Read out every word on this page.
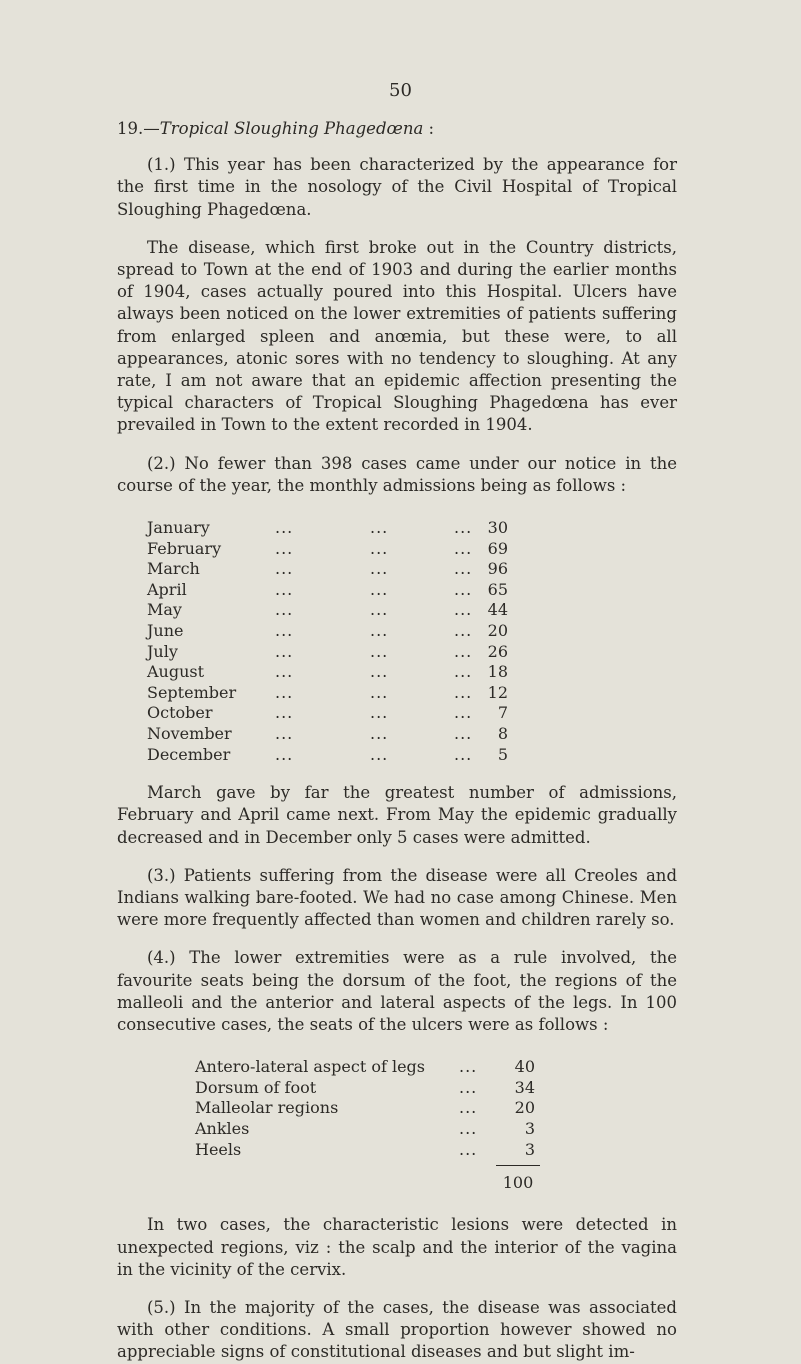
50

19.—Tropical Sloughing Phagedœna :

(1.) This year has been characterized by the appearance for the first time in the nosology of the Civil Hospital of Tropical Sloughing Phagedœna.

The disease, which first broke out in the Country districts, spread to Town at the end of 1903 and during the earlier months of 1904, cases actually poured into this Hospital. Ulcers have always been noticed on the lower extremities of patients suffering from enlarged spleen and anœmia, but these were, to all appearances, atonic sores with no tendency to sloughing. At any rate, I am not aware that an epidemic affection presenting the typical characters of Tropical Sloughing Phagedœna has ever prevailed in Town to the extent recorded in 1904.

(2.) No fewer than 398 cases came under our notice in the course of the year, the monthly admissions being as follows :

January	...	...	... 30
February	...	...	... 69
March	...	...	... 96
April	...	...	... 65
May	...	...	... 44
June	...	...	... 20
July	...	...	... 26
August	...	...	... 18
September ...	...	... 12
October	...	...	... 7
November	...	...	... 8
December	...	...	... 5

March gave by far the greatest number of admissions, February and April came next. From May the epidemic gradually decreased and in December only 5 cases were admitted.

(3.) Patients suffering from the disease were all Creoles and Indians walking bare-footed. We had no case among Chinese. Men were more frequently affected than women and children rarely so.

(4.) The lower extremities were as a rule involved, the favourite seats being the dorsum of the foot, the regions of the malleoli and the anterior and lateral aspects of the legs. In 100 consecutive cases, the seats of the ulcers were as follows :

Antero-lateral aspect of legs ... 40
Dorsum of foot	... 34
Malleolar regions	... 20
Ankles	...	3
Heels	...	3
100

In two cases, the characteristic lesions were detected in unexpected regions, viz : the scalp and the interior of the vagina in the vicinity of the cervix.

(5.) In the majority of the cases, the disease was associated with other conditions. A small proportion however showed no appreciable signs of constitutional diseases and but slight im-
